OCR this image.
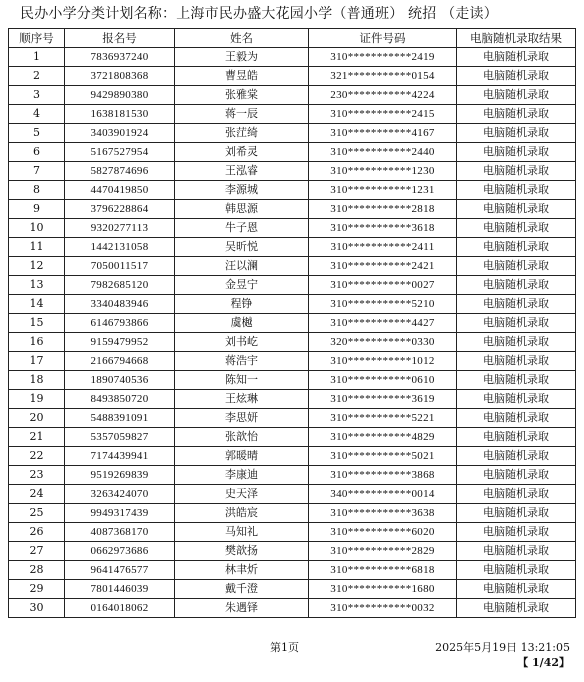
民办小学分类计划名称：上海市民办盛大花园小学（普通班） 统招 （走读）
顺序号	报名号	姓名	证件号码	电脑随机录取结果
1	7836937240	王毅为	310***********2419	电脑随机录取
2	3721808368	曹昱皓	321***********0154	电脑随机录取
3	9429890380	张雅棠	230***********4224	电脑随机录取
4	1638181530	蒋一辰	310***********2415	电脑随机录取
5	3403901924	张茳绮	310***********4167	电脑随机录取
6	5167527954	刘希灵	310***********2440	电脑随机录取
7	5827874696	王泓睿	310***********1230	电脑随机录取
8	4470419850	李源城	310***********1231	电脑随机录取
9	3796228864	韩思源	310***********2818	电脑随机录取
10	9320277113	牛子恩	310***********3618	电脑随机录取
11	1442131058	吴昕悦	310***********2411	电脑随机录取
12	7050011517	汪以澜	310***********2421	电脑随机录取
13	7982685120	金昱宁	310***********0027	电脑随机录取
14	3340483946	程铮	310***********5210	电脑随机录取
15	6146793866	虞樾	310***********4427	电脑随机录取
16	9159479952	刘书屹	320***********0330	电脑随机录取
17	2166794668	蒋浩宇	310***********1012	电脑随机录取
18	1890740536	陈知一	310***********0610	电脑随机录取
19	8493850720	王炫琳	310***********3619	电脑随机录取
20	5488391091	李思妍	310***********5221	电脑随机录取
21	5357059827	张歆怡	310***********4829	电脑随机录取
22	7174439941	郭暖晴	310***********5021	电脑随机录取
23	9519269839	李康迪	310***********3868	电脑随机录取
24	3263424070	史天泽	340***********0014	电脑随机录取
25	9949317439	洪皓宸	310***********3638	电脑随机录取
26	4087368170	马知礼	310***********6020	电脑随机录取
27	0662973686	樊歆扬	310***********2829	电脑随机录取
28	9641476577	林聿炘	310***********6818	电脑随机录取
29	7801446039	戴千澄	310***********1680	电脑随机录取
30	0164018062	朱遇铎	310***********0032	电脑随机录取
第1页	2025年5月19日 13:21:05
【 1/42】
